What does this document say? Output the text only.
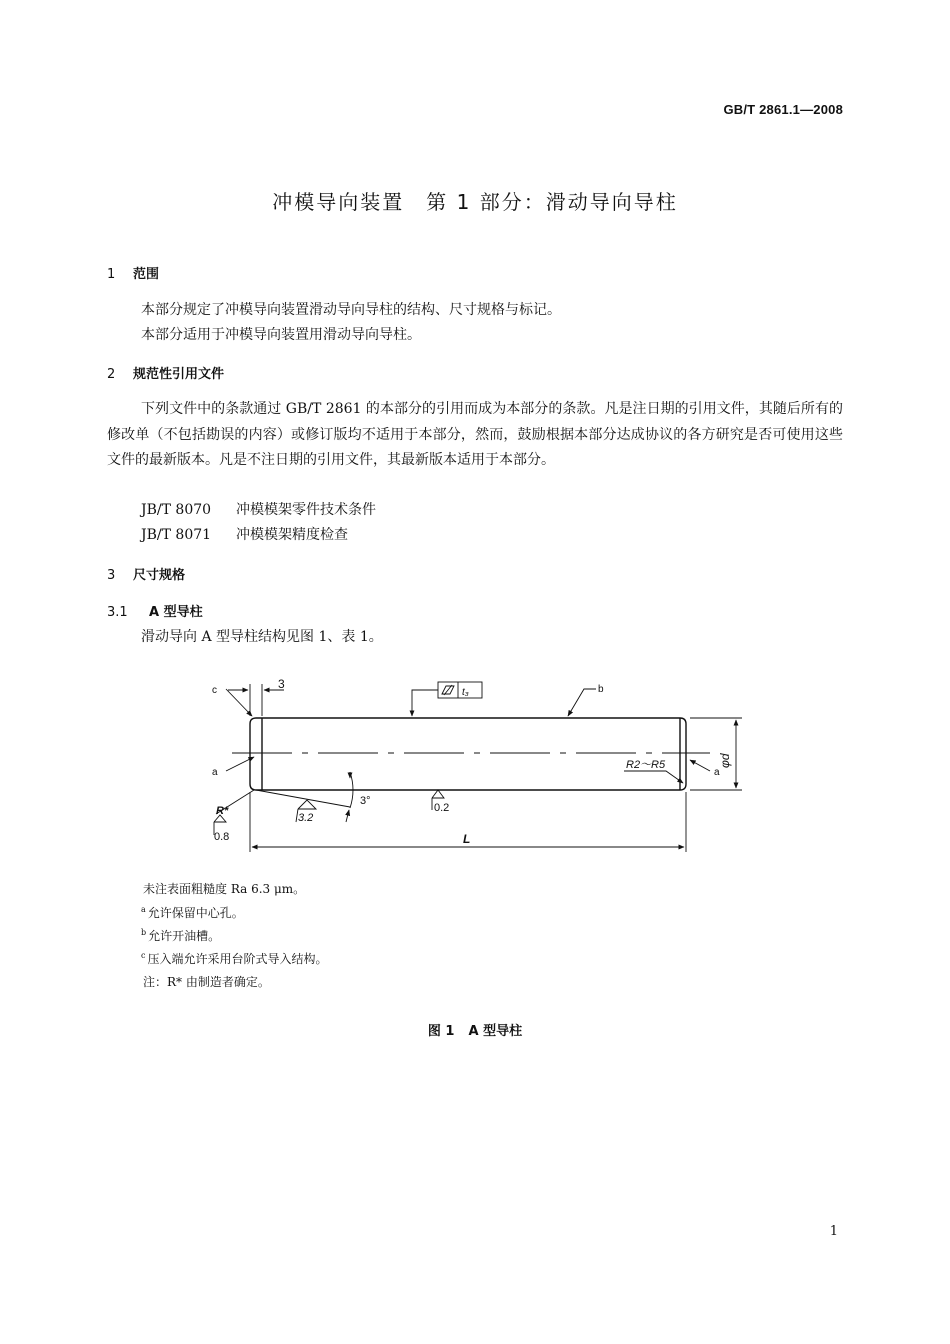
GB/T 2861.1—2008
冲模导向装置　第 1 部分：滑动导向导柱
1 范围
本部分规定了冲模导向装置滑动导向导柱的结构、尺寸规格与标记。
本部分适用于冲模导向装置用滑动导向导柱。
2 规范性引用文件
下列文件中的条款通过 GB/T 2861 的本部分的引用而成为本部分的条款。凡是注日期的引用文件，其随后所有的修改单（不包括勘误的内容）或修订版均不适用于本部分，然而，鼓励根据本部分达成协议的各方研究是否可使用这些文件的最新版本。凡是不注日期的引用文件，其最新版本适用于本部分。
JB/T 8070 冲模模架零件技术条件
JB/T 8071 冲模模架精度检查
3 尺寸规格
3.1 A 型导柱
滑动导向 A 型导柱结构见图 1、表 1。
c	3
t₃	b
a
φd
R2～R5
a
3°
0.2
3.2
R*
0.8	L
未注表面粗糙度 Ra 6.3 μm。
$^a$ 允许保留中心孔。
$^b$ 允许开油槽。
$^c$ 压入端允许采用台阶式导入结构。
注：R* 由制造者确定。
图 1 A 型导柱
1
